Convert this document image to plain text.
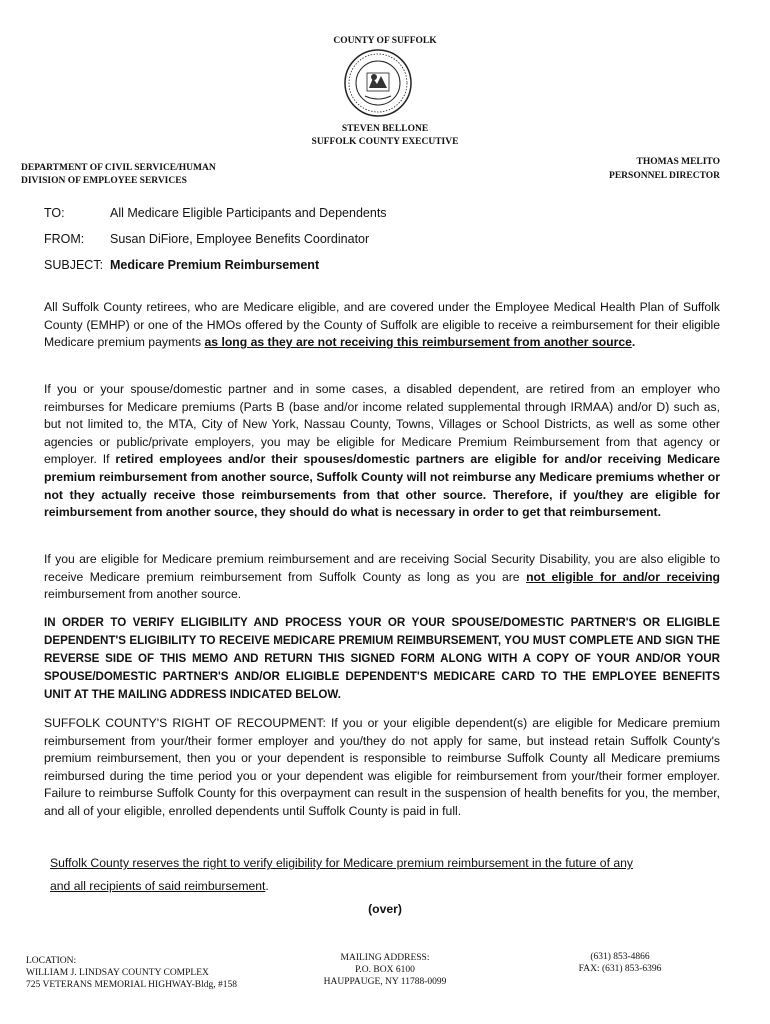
COUNTY OF SUFFOLK
STEVEN BELLONE
SUFFOLK COUNTY EXECUTIVE
DEPARTMENT OF CIVIL SERVICE/HUMAN
DIVISION OF EMPLOYEE SERVICES
THOMAS MELITO
PERSONNEL DIRECTOR
TO:	All Medicare Eligible Participants and Dependents
FROM: Susan DiFiore, Employee Benefits Coordinator
SUBJECT: Medicare Premium Reimbursement
All Suffolk County retirees, who are Medicare eligible, and are covered under the Employee Medical Health Plan of Suffolk County (EMHP) or one of the HMOs offered by the County of Suffolk are eligible to receive a reimbursement for their eligible Medicare premium payments as long as they are not receiving this reimbursement from another source.
If you or your spouse/domestic partner and in some cases, a disabled dependent, are retired from an employer who reimburses for Medicare premiums (Parts B (base and/or income related supplemental through IRMAA) and/or D) such as, but not limited to, the MTA, City of New York, Nassau County, Towns, Villages or School Districts, as well as some other agencies or public/private employers, you may be eligible for Medicare Premium Reimbursement from that agency or employer. If retired employees and/or their spouses/domestic partners are eligible for and/or receiving Medicare premium reimbursement from another source, Suffolk County will not reimburse any Medicare premiums whether or not they actually receive those reimbursements from that other source. Therefore, if you/they are eligible for reimbursement from another source, they should do what is necessary in order to get that reimbursement.
If you are eligible for Medicare premium reimbursement and are receiving Social Security Disability, you are also eligible to receive Medicare premium reimbursement from Suffolk County as long as you are not eligible for and/or receiving reimbursement from another source.
IN ORDER TO VERIFY ELIGIBILITY AND PROCESS YOUR OR YOUR SPOUSE/DOMESTIC PARTNER'S OR ELIGIBLE DEPENDENT'S ELIGIBILITY TO RECEIVE MEDICARE PREMIUM REIMBURSEMENT, YOU MUST COMPLETE AND SIGN THE REVERSE SIDE OF THIS MEMO AND RETURN THIS SIGNED FORM ALONG WITH A COPY OF YOUR AND/OR YOUR SPOUSE/DOMESTIC PARTNER'S AND/OR ELIGIBLE DEPENDENT'S MEDICARE CARD TO THE EMPLOYEE BENEFITS UNIT AT THE MAILING ADDRESS INDICATED BELOW.
SUFFOLK COUNTY'S RIGHT OF RECOUPMENT: If you or your eligible dependent(s) are eligible for Medicare premium reimbursement from your/their former employer and you/they do not apply for same, but instead retain Suffolk County's premium reimbursement, then you or your dependent is responsible to reimburse Suffolk County all Medicare premiums reimbursed during the time period you or your dependent was eligible for reimbursement from your/their former employer. Failure to reimburse Suffolk County for this overpayment can result in the suspension of health benefits for you, the member, and all of your eligible, enrolled dependents until Suffolk County is paid in full.
Suffolk County reserves the right to verify eligibility for Medicare premium reimbursement in the future of any
and all recipients of said reimbursement.
(over)
LOCATION:
WILLIAM J. LINDSAY COUNTY COMPLEX
725 VETERANS MEMORIAL HIGHWAY-Bldg, #158
MAILING ADDRESS:
P.O. BOX 6100
HAUPPAUGE, NY 11788-0099
(631) 853-4866
FAX: (631) 853-6396
